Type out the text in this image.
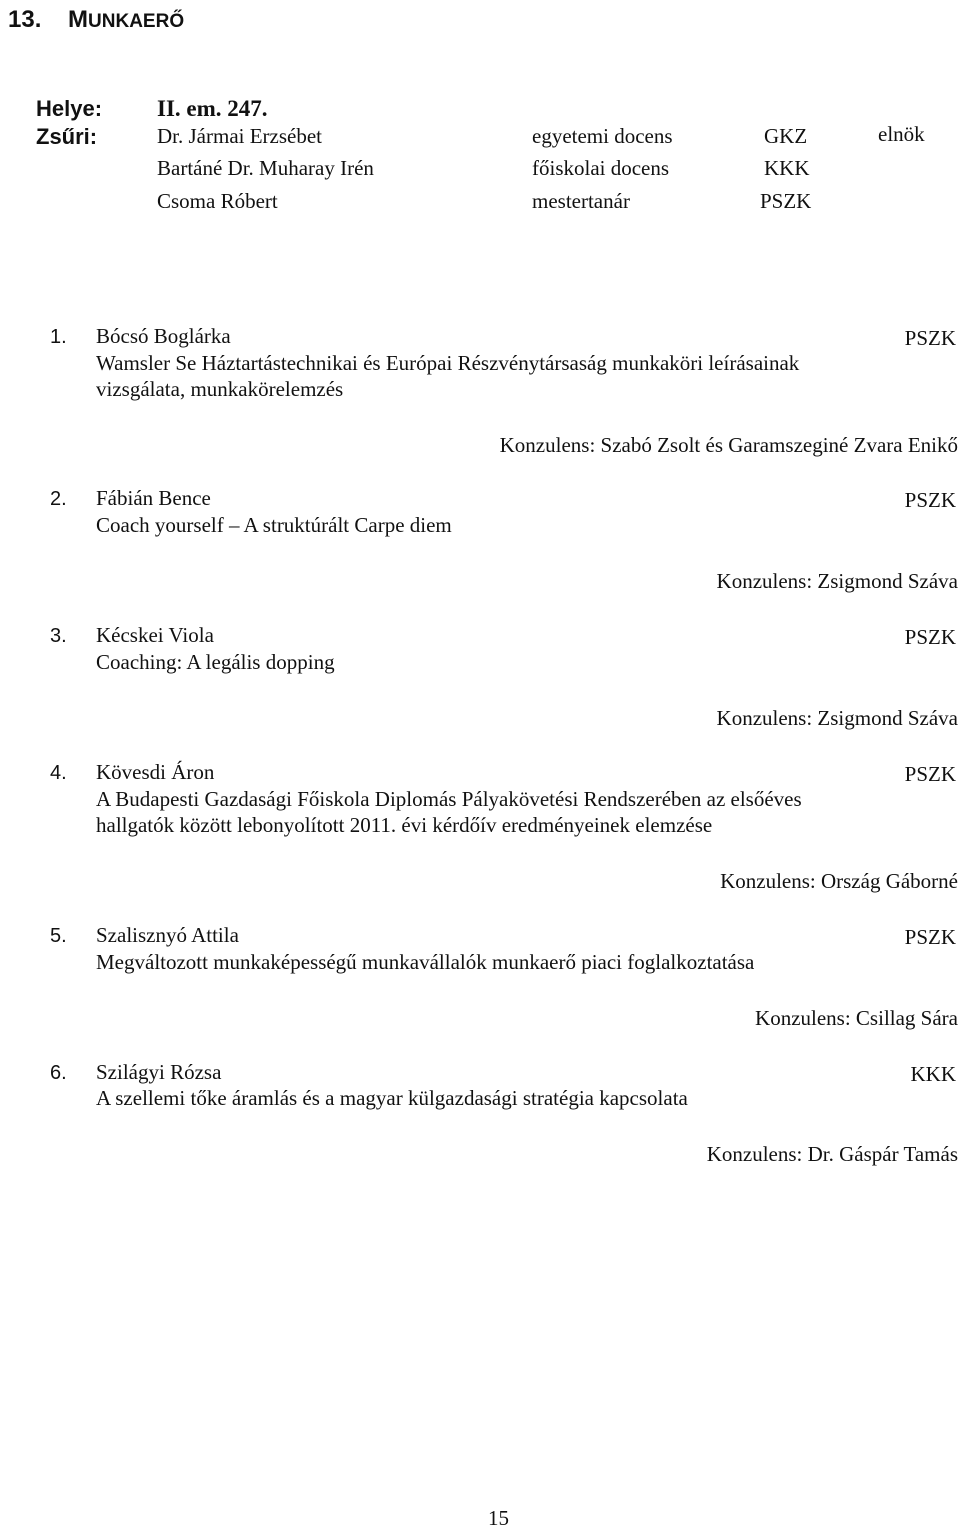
13. MUNKAERŐ
Helye: II. em. 247.
Zsűri:	Dr. Jármai Erzsébet	egyetemi docens	GKZ	elnök
Bartáné Dr. Muharay Irén	főiskolai docens	KKK
Csoma Róbert	mestertanár	PSZK
1. Bócsó Boglárka	PSZK
Wamsler Se Háztartástechnikai és Európai Részvénytársaság munkaköri leírásainak
vizsgálata, munkakörelemzés
Konzulens: Szabó Zsolt és Garamszeginé Zvara Enikő
2. Fábián Bence	PSZK
Coach yourself – A struktúrált Carpe diem
Konzulens: Zsigmond Száva
3. Kécskei Viola	PSZK
Coaching: A legális dopping
Konzulens: Zsigmond Száva
4. Kövesdi Áron	PSZK
A Budapesti Gazdasági Főiskola Diplomás Pályakövetési Rendszerében az elsőéves
hallgatók között lebonyolított 2011. évi kérdőív eredményeinek elemzése
Konzulens: Ország Gáborné
5. Szalisznyó Attila	PSZK
Megváltozott munkaképességű munkavállalók munkaerő piaci foglalkoztatása
Konzulens: Csillag Sára
6. Szilágyi Rózsa	KKK
A szellemi tőke áramlás és a magyar külgazdasági stratégia kapcsolata
Konzulens: Dr. Gáspár Tamás
15
